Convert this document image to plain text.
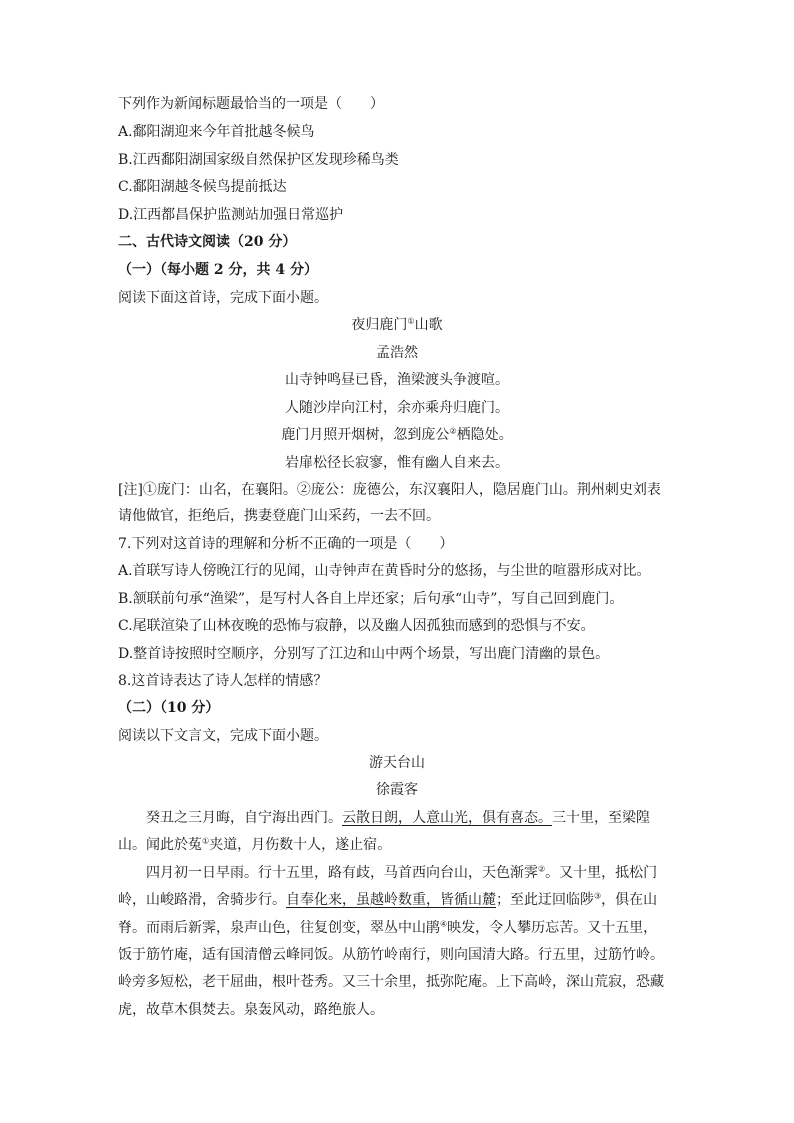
下列作为新闻标题最恰当的一项是（　　）
A.鄱阳湖迎来今年首批越冬候鸟
B.江西鄱阳湖国家级自然保护区发现珍稀鸟类
C.鄱阳湖越冬候鸟提前抵达
D.江西都昌保护监测站加强日常巡护
二、古代诗文阅读（20 分）
（一）（每小题 2 分，共 4 分）
阅读下面这首诗，完成下面小题。
夜归鹿门①山歌
孟浩然
山寺钟鸣昼已昏，渔梁渡头争渡喧。
人随沙岸向江村，余亦乘舟归鹿门。
鹿门月照开烟树，忽到庞公②栖隐处。
岩扉松径长寂寥，惟有幽人自来去。
[注]①庞门：山名，在襄阳。②庞公：庞德公，东汉襄阳人，隐居鹿门山。荆州刺史刘表
请他做官，拒绝后，携妻登鹿门山采药，一去不回。
7.下列对这首诗的理解和分析不正确的一项是（　　）
A.首联写诗人傍晚江行的见闻，山寺钟声在黄昏时分的悠扬，与尘世的喧嚣形成对比。
B.颔联前句承“渔梁”，是写村人各自上岸还家；后句承“山寺”，写自己回到鹿门。
C.尾联渲染了山林夜晚的恐怖与寂静，以及幽人因孤独而感到的恐惧与不安。
D.整首诗按照时空顺序，分别写了江边和山中两个场景，写出鹿门清幽的景色。
8.这首诗表达了诗人怎样的情感？
（二）（10 分）
阅读以下文言文，完成下面小题。
游天台山
徐霞客
癸丑之三月晦，自宁海出西门。云散日朗，人意山光，俱有喜态。三十里，至梁隍
山。闻此於菟①夹道，月伤数十人，遂止宿。
四月初一日早雨。行十五里，路有歧，马首西向台山，天色渐霁②。又十里，抵松门
岭，山峻路滑，舍骑步行。自奉化来，虽越岭数重，皆循山麓；至此迂回临陟③，俱在山
脊。而雨后新霁，泉声山色，往复创变，翠丛中山鹃④映发，令人攀历忘苦。又十五里，
饭于筋竹庵，适有国清僧云峰同饭。从筋竹岭南行，则向国清大路。行五里，过筋竹岭。
岭旁多短松，老干屈曲，根叶苍秀。又三十余里，抵弥陀庵。上下高岭，深山荒寂，恐藏
虎，故草木俱焚去。泉轰风动，路绝旅人。
